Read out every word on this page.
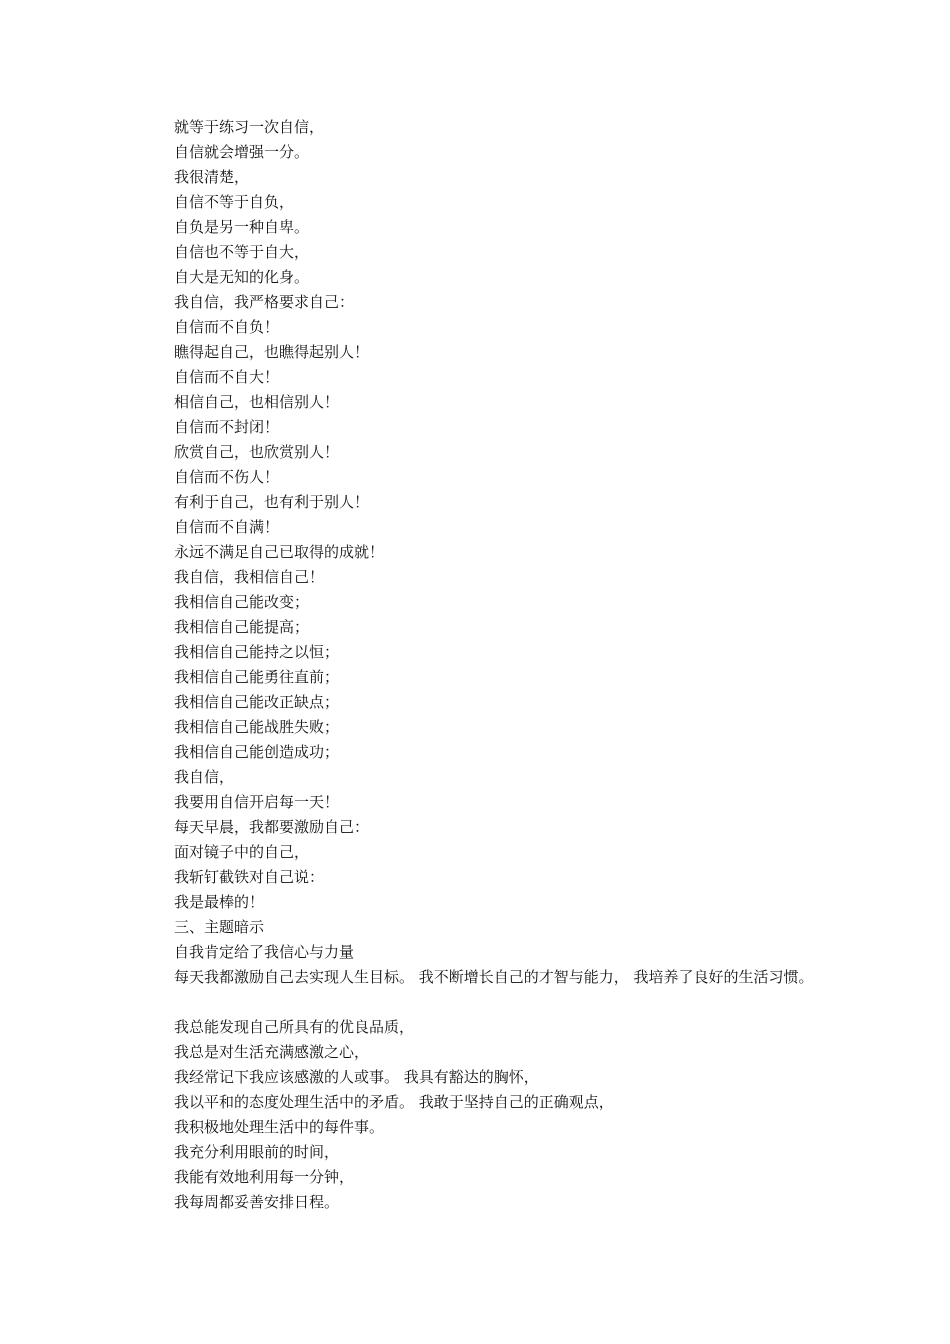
就等于练习一次自信，
自信就会增强一分。
我很清楚，
自信不等于自负，
自负是另一种自卑。
自信也不等于自大，
自大是无知的化身。
我自信，我严格要求自己：
自信而不自负！
瞧得起自己，也瞧得起别人！
自信而不自大！
相信自己，也相信别人！
自信而不封闭！
欣赏自己，也欣赏别人！
自信而不伤人！
有利于自己，也有利于别人！
自信而不自满！
永远不满足自己已取得的成就！
我自信，我相信自己！
我相信自己能改变；
我相信自己能提高；
我相信自己能持之以恒；
我相信自己能勇往直前；
我相信自己能改正缺点；
我相信自己能战胜失败；
我相信自己能创造成功；
我自信，
我要用自信开启每一天！
每天早晨，我都要激励自己：
面对镜子中的自己，
我斩钉截铁对自己说：
我是最棒的！
三、主题暗示
自我肯定给了我信心与力量
每天我都激励自己去实现人生目标。 我不断增长自己的才智与能力， 我培养了良好的生活习惯。
我总能发现自己所具有的优良品质，
我总是对生活充满感激之心，
我经常记下我应该感激的人或事。 我具有豁达的胸怀，
我以平和的态度处理生活中的矛盾。 我敢于坚持自己的正确观点，
我积极地处理生活中的每件事。
我充分利用眼前的时间，
我能有效地利用每一分钟，
我每周都妥善安排日程。
